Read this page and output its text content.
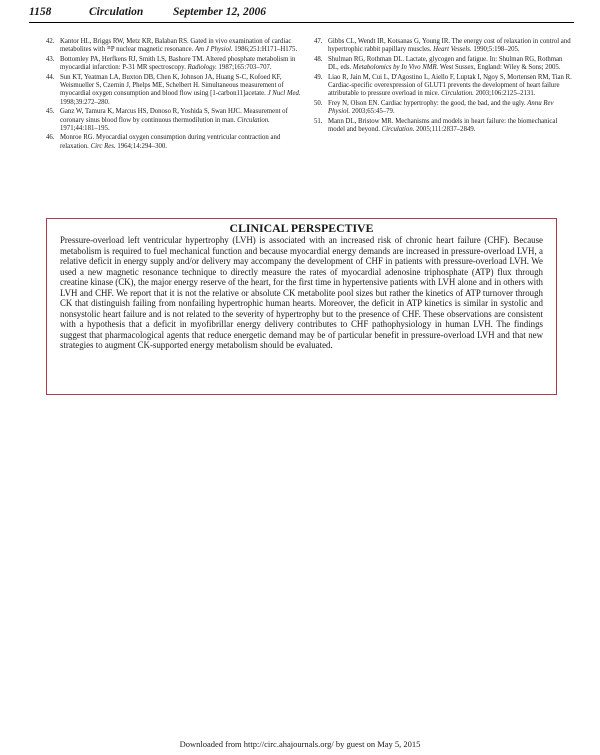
1158	Circulation	September 12, 2006
42. Kantor HL, Briggs RW, Metz KR, Balaban RS. Gated in vivo examination of cardiac metabolites with ³¹P nuclear magnetic resonance. Am J Physiol. 1986;251:H171–H175.
43. Bottomley PA, Herfkens RJ, Smith LS, Bashore TM. Altered phosphate metabolism in myocardial infarction: P-31 MR spectroscopy. Radiology. 1987;165:703–707.
44. Sun KT, Yeatman LA, Buxton DB, Chen K, Johnson JA, Huang S-C, Kofoed KF, Weismueller S, Czernin J, Phelps ME, Schelbert H. Simultaneous measurement of myocardial oxygen consumption and blood flow using [1-carbon11]acetate. J Nucl Med. 1998;39:272–280.
45. Ganz W, Tamura K, Marcus HS, Donoso R, Yoshida S, Swan HJC. Measurement of coronary sinus blood flow by continuous thermodilution in man. Circulation. 1971;44:181–195.
46. Monroe RG. Myocardial oxygen consumption during ventricular contraction and relaxation. Circ Res. 1964;14:294–300.
47. Gibbs CL, Wendt IR, Kotsanas G, Young IR. The energy cost of relaxation in control and hypertrophic rabbit papillary muscles. Heart Vessels. 1990;5:198–205.
48. Shulman RG, Rothman DL. Lactate, glycogen and fatigue. In: Shulman RG, Rothman DL, eds. Metabolomics by In Vivo NMR. West Sussex, England: Wiley & Sons; 2005.
49. Liao R, Jain M, Cui L, D'Agostino L, Aiello F, Luptak I, Ngoy S, Mortensen RM, Tian R. Cardiac-specific overexpression of GLUT1 prevents the development of heart failure attributable to pressure overload in mice. Circulation. 2003;106:2125–2131.
50. Frey N, Olson EN. Cardiac hypertrophy: the good, the bad, and the ugly. Annu Rev Physiol. 2003;65:45–79.
51. Mann DL, Bristow MR. Mechanisms and models in heart failure: the biomechanical model and beyond. Circulation. 2005;111:2837–2849.
CLINICAL PERSPECTIVE

Pressure-overload left ventricular hypertrophy (LVH) is associated with an increased risk of chronic heart failure (CHF). Because metabolism is required to fuel mechanical function and because myocardial energy demands are increased in pressure-overload LVH, a relative deficit in energy supply and/or delivery may accompany the development of CHF in patients with pressure-overload LVH. We used a new magnetic resonance technique to directly measure the rates of myocardial adenosine triphosphate (ATP) flux through creatine kinase (CK), the major energy reserve of the heart, for the first time in hypertensive patients with LVH alone and in others with LVH and CHF. We report that it is not the relative or absolute CK metabolite pool sizes but rather the kinetics of ATP turnover through CK that distinguish failing from nonfailing hypertrophic human hearts. Moreover, the deficit in ATP kinetics is similar in systolic and nonsystolic heart failure and is not related to the severity of hypertrophy but to the presence of CHF. These observations are consistent with a hypothesis that a deficit in myofibrillar energy delivery contributes to CHF pathophysiology in human LVH. The findings suggest that pharmacological agents that reduce energetic demand may be of particular benefit in pressure-overload LVH and that new strategies to augment CK-supported energy metabolism should be evaluated.

Downloaded from http://circ.ahajournals.org/ by guest on May 5, 2015
